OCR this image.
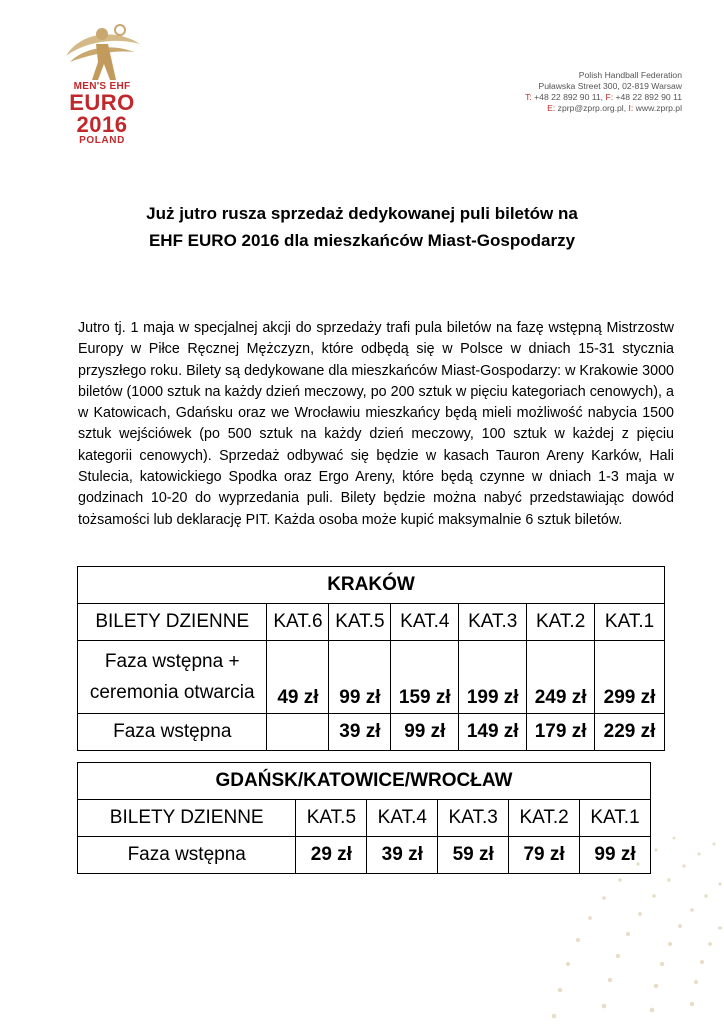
MEN'S EHF
EURO
2016
POLAND
Polish Handball Federation
Puławska Street 300, 02-819 Warsaw
T: +48 22 892 90 11, F: +48 22 892 90 11
E: zprp@zprp.org.pl, I: www.zprp.pl
Już jutro rusza sprzedaż dedykowanej puli biletów na
EHF EURO 2016 dla mieszkańców Miast-Gospodarzy
Jutro tj. 1 maja w specjalnej akcji do sprzedaży trafi pula biletów na fazę wstępną Mistrzostw Europy w Piłce Ręcznej Mężczyzn, które odbędą się w Polsce w dniach 15-31 stycznia przyszłego roku. Bilety są dedykowane dla mieszkańców Miast-Gospodarzy: w Krakowie 3000 biletów (1000 sztuk na każdy dzień meczowy, po 200 sztuk w pięciu kategoriach cenowych), a w Katowicach, Gdańsku oraz we Wrocławiu mieszkańcy będą mieli możliwość nabycia 1500 sztuk wejściówek (po 500 sztuk na każdy dzień meczowy, 100 sztuk w każdej z pięciu kategorii cenowych). Sprzedaż odbywać się będzie w kasach Tauron Areny Karków, Hali Stulecia, katowickiego Spodka oraz Ergo Areny, które będą czynne w dniach 1-3 maja w godzinach 10-20 do wyprzedania puli. Bilety będzie można nabyć przedstawiając dowód tożsamości lub deklarację PIT. Każda osoba może kupić maksymalnie 6 sztuk biletów.
KRAKÓW						
BILETY DZIENNE	KAT.6	KAT.5	KAT.4	KAT.3	KAT.2	KAT.1

Faza wstępna +
ceremonia otwarcia	49 zł	99 zł	159 zł	199 zł	249 zł	299 zł
Faza wstępna		39 zł	99 zł	149 zł	179 zł	229 zł
GDAŃSK/KATOWICE/WROCŁAW					
BILETY DZIENNE	KAT.5	KAT.4	KAT.3	KAT.2	KAT.1
Faza wstępna	29 zł	39 zł	59 zł	79 zł	99 zł
